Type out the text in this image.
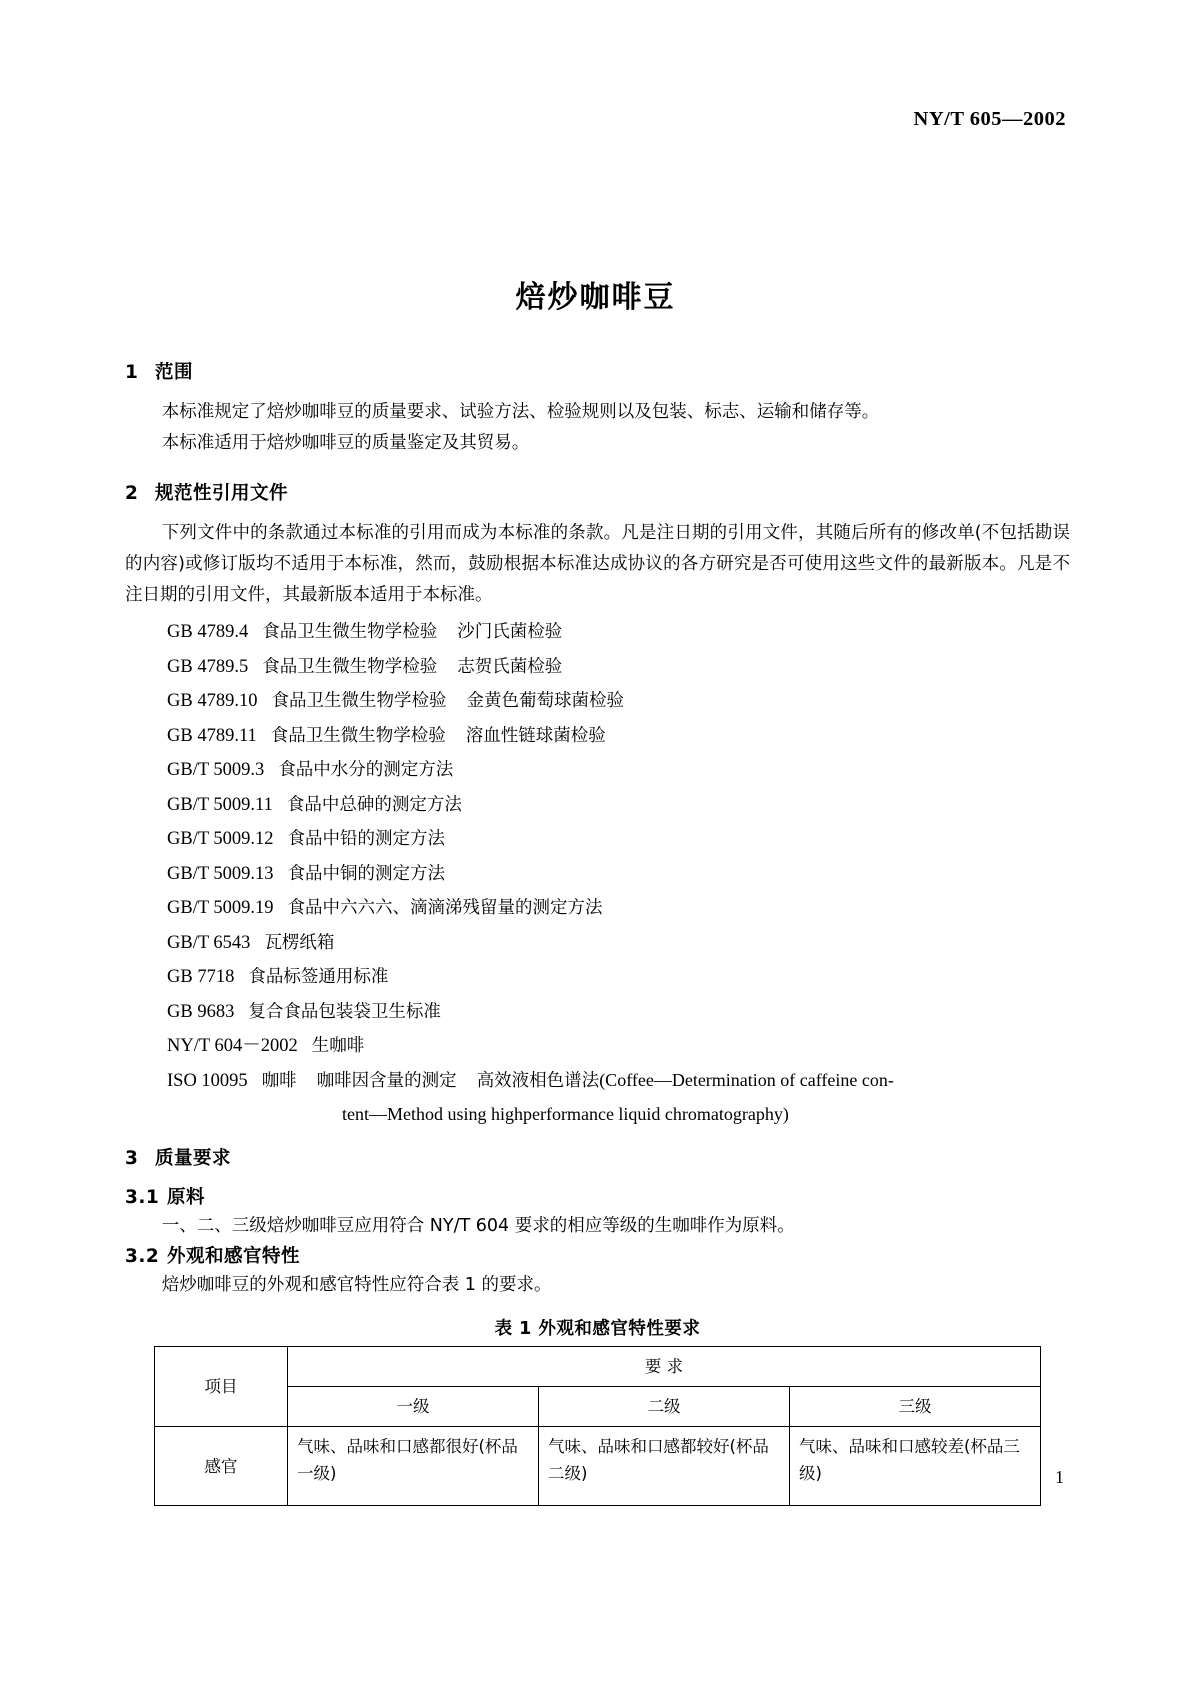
NY/T 605—2002
焙炒咖啡豆
1 范围

本标准规定了焙炒咖啡豆的质量要求、试验方法、检验规则以及包装、标志、运输和储存等。

本标准适用于焙炒咖啡豆的质量鉴定及其贸易。

2 规范性引用文件

下列文件中的条款通过本标准的引用而成为本标准的条款。凡是注日期的引用文件，其随后所有的修改单(不包括勘误的内容)或修订版均不适用于本标准，然而，鼓励根据本标准达成协议的各方研究是否可使用这些文件的最新版本。凡是不注日期的引用文件，其最新版本适用于本标准。

GB 4789.4 食品卫生微生物学检验 沙门氏菌检验
GB 4789.5 食品卫生微生物学检验 志贺氏菌检验
GB 4789.10 食品卫生微生物学检验 金黄色葡萄球菌检验
GB 4789.11 食品卫生微生物学检验 溶血性链球菌检验
GB/T 5009.3 食品中水分的测定方法
GB/T 5009.11 食品中总砷的测定方法
GB/T 5009.12 食品中铅的测定方法
GB/T 5009.13 食品中铜的测定方法
GB/T 5009.19 食品中六六六、滴滴涕残留量的测定方法
GB/T 6543 瓦楞纸箱
GB 7718 食品标签通用标准
GB 9683 复合食品包装袋卫生标准
NY/T 604－2002 生咖啡
ISO 10095 咖啡 咖啡因含量的测定 高效液相色谱法(Coffee—Determination of caffeine con-
tent—Method using highperformance liquid chromatography)
3 质量要求
3.1 原料

一、二、三级焙炒咖啡豆应用符合 NY/T 604 要求的相应等级的生咖啡作为原料。

3.2 外观和感官特性

焙炒咖啡豆的外观和感官特性应符合表 1 的要求。

表 1 外观和感官特性要求
项目	要 求		
	一级	二级	三级
感官	气味、品味和口感都很好(杯品一级)	气味、品味和口感都较好(杯品二级)	气味、品味和口感较差(杯品三级)	1
